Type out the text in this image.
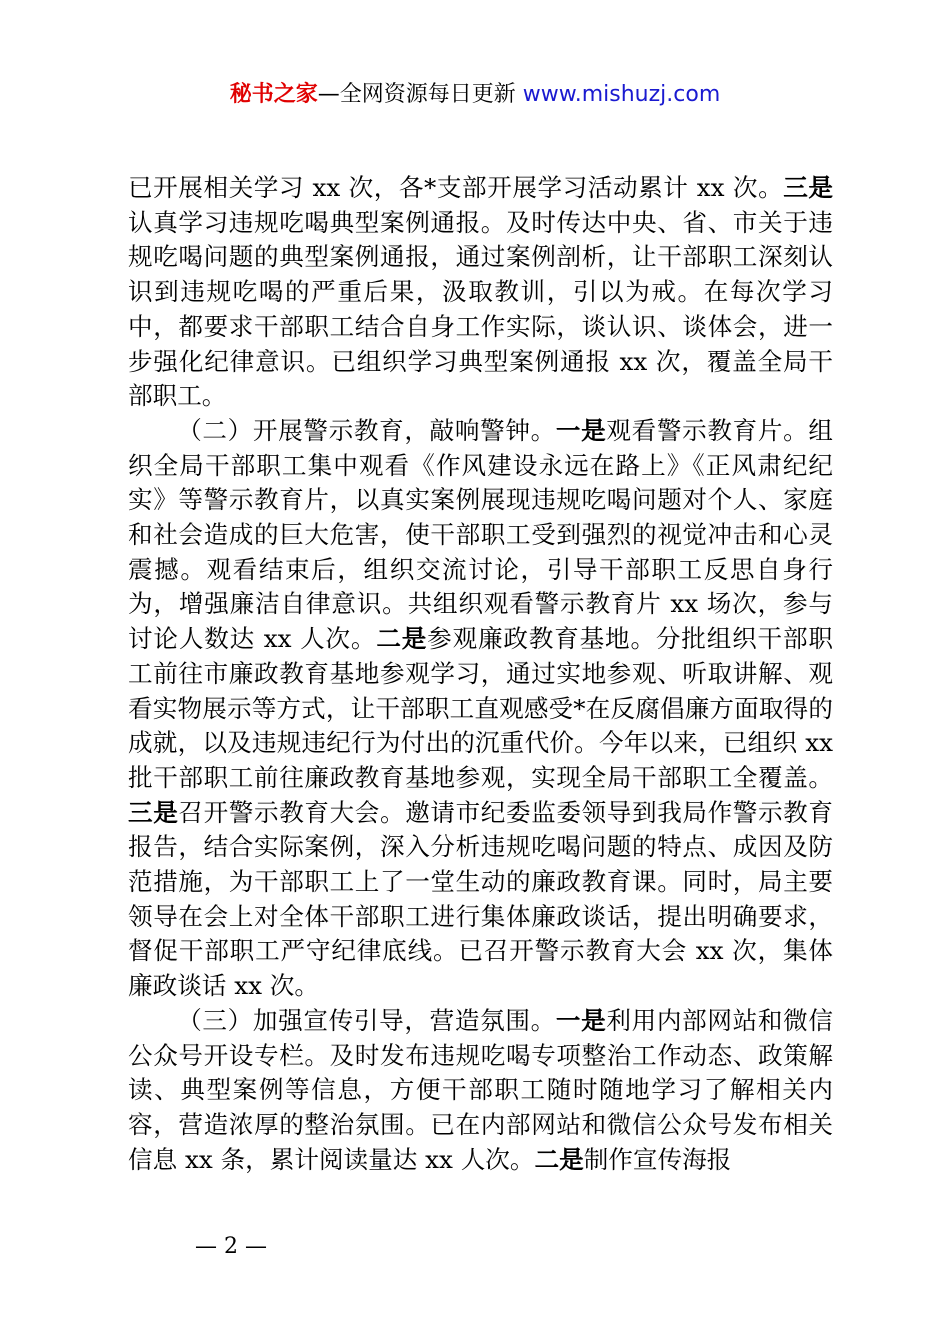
秘书之家—全网资源每日更新 www.mishuzj.com

已开展相关学习 xx 次，各*支部开展学习活动累计 xx 次。三是认真学习违规吃喝典型案例通报。及时传达中央、省、市关于违规吃喝问题的典型案例通报，通过案例剖析，让干部职工深刻认识到违规吃喝的严重后果，汲取教训，引以为戒。在每次学习中，都要求干部职工结合自身工作实际，谈认识、谈体会，进一步强化纪律意识。已组织学习典型案例通报 xx 次，覆盖全局干部职工。

（二）开展警示教育，敲响警钟。一是观看警示教育片。组织全局干部职工集中观看《作风建设永远在路上》《正风肃纪纪实》等警示教育片，以真实案例展现违规吃喝问题对个人、家庭和社会造成的巨大危害，使干部职工受到强烈的视觉冲击和心灵震撼。观看结束后，组织交流讨论，引导干部职工反思自身行为，增强廉洁自律意识。共组织观看警示教育片 xx 场次，参与讨论人数达 xx 人次。二是参观廉政教育基地。分批组织干部职工前往市廉政教育基地参观学习，通过实地参观、听取讲解、观看实物展示等方式，让干部职工直观感受*在反腐倡廉方面取得的成就，以及违规违纪行为付出的沉重代价。今年以来，已组织 xx 批干部职工前往廉政教育基地参观，实现全局干部职工全覆盖。三是召开警示教育大会。邀请市纪委监委领导到我局作警示教育报告，结合实际案例，深入分析违规吃喝问题的特点、成因及防范措施，为干部职工上了一堂生动的廉政教育课。同时，局主要领导在会上对全体干部职工进行集体廉政谈话，提出明确要求，督促干部职工严守纪律底线。已召开警示教育大会 xx 次，集体廉政谈话 xx 次。

（三）加强宣传引导，营造氛围。一是利用内部网站和微信公众号开设专栏。及时发布违规吃喝专项整治工作动态、政策解读、典型案例等信息，方便干部职工随时随地学习了解相关内容，营造浓厚的整治氛围。已在内部网站和微信公众号发布相关信息 xx 条，累计阅读量达 xx 人次。二是制作宣传海报

— 2 —
